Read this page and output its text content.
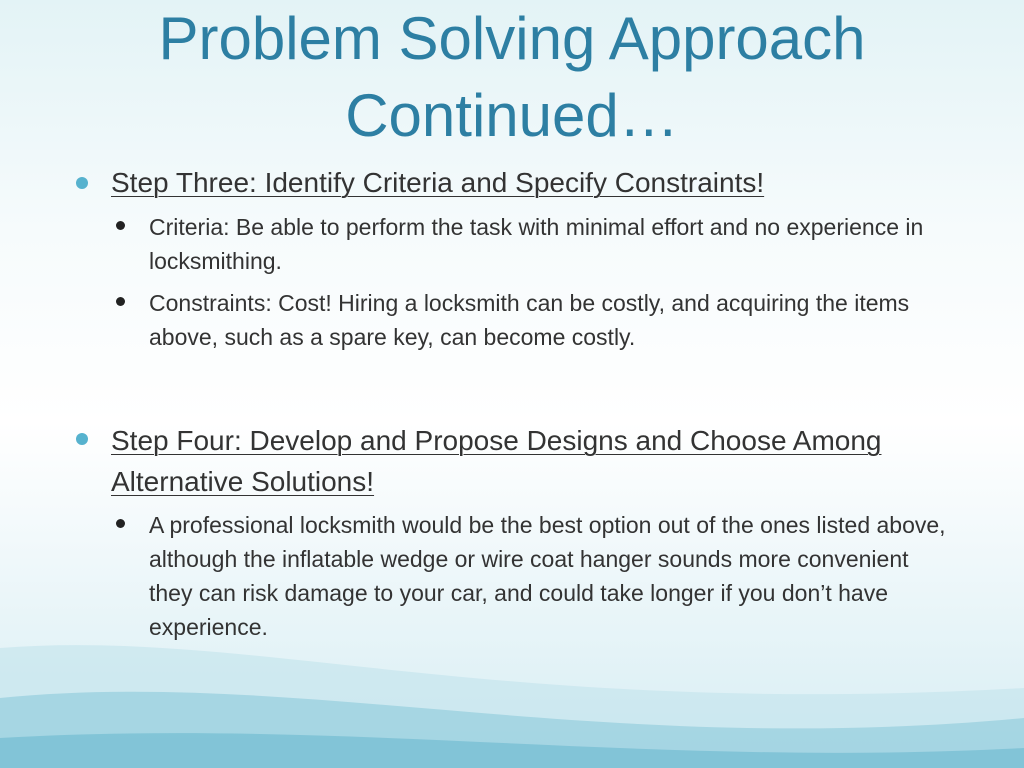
Problem Solving Approach
Continued…
Step Three: Identify Criteria and Specify Constraints!
Criteria: Be able to perform the task with minimal effort and no experience in locksmithing.
Constraints: Cost! Hiring a locksmith can be costly, and acquiring the items above, such as a spare key, can become costly.
Step Four: Develop and Propose Designs and Choose Among Alternative Solutions!
A professional locksmith would be the best option out of the ones listed above, although the inflatable wedge or wire coat hanger sounds more convenient they can risk damage to your car, and could take longer if you don’t have experience.
